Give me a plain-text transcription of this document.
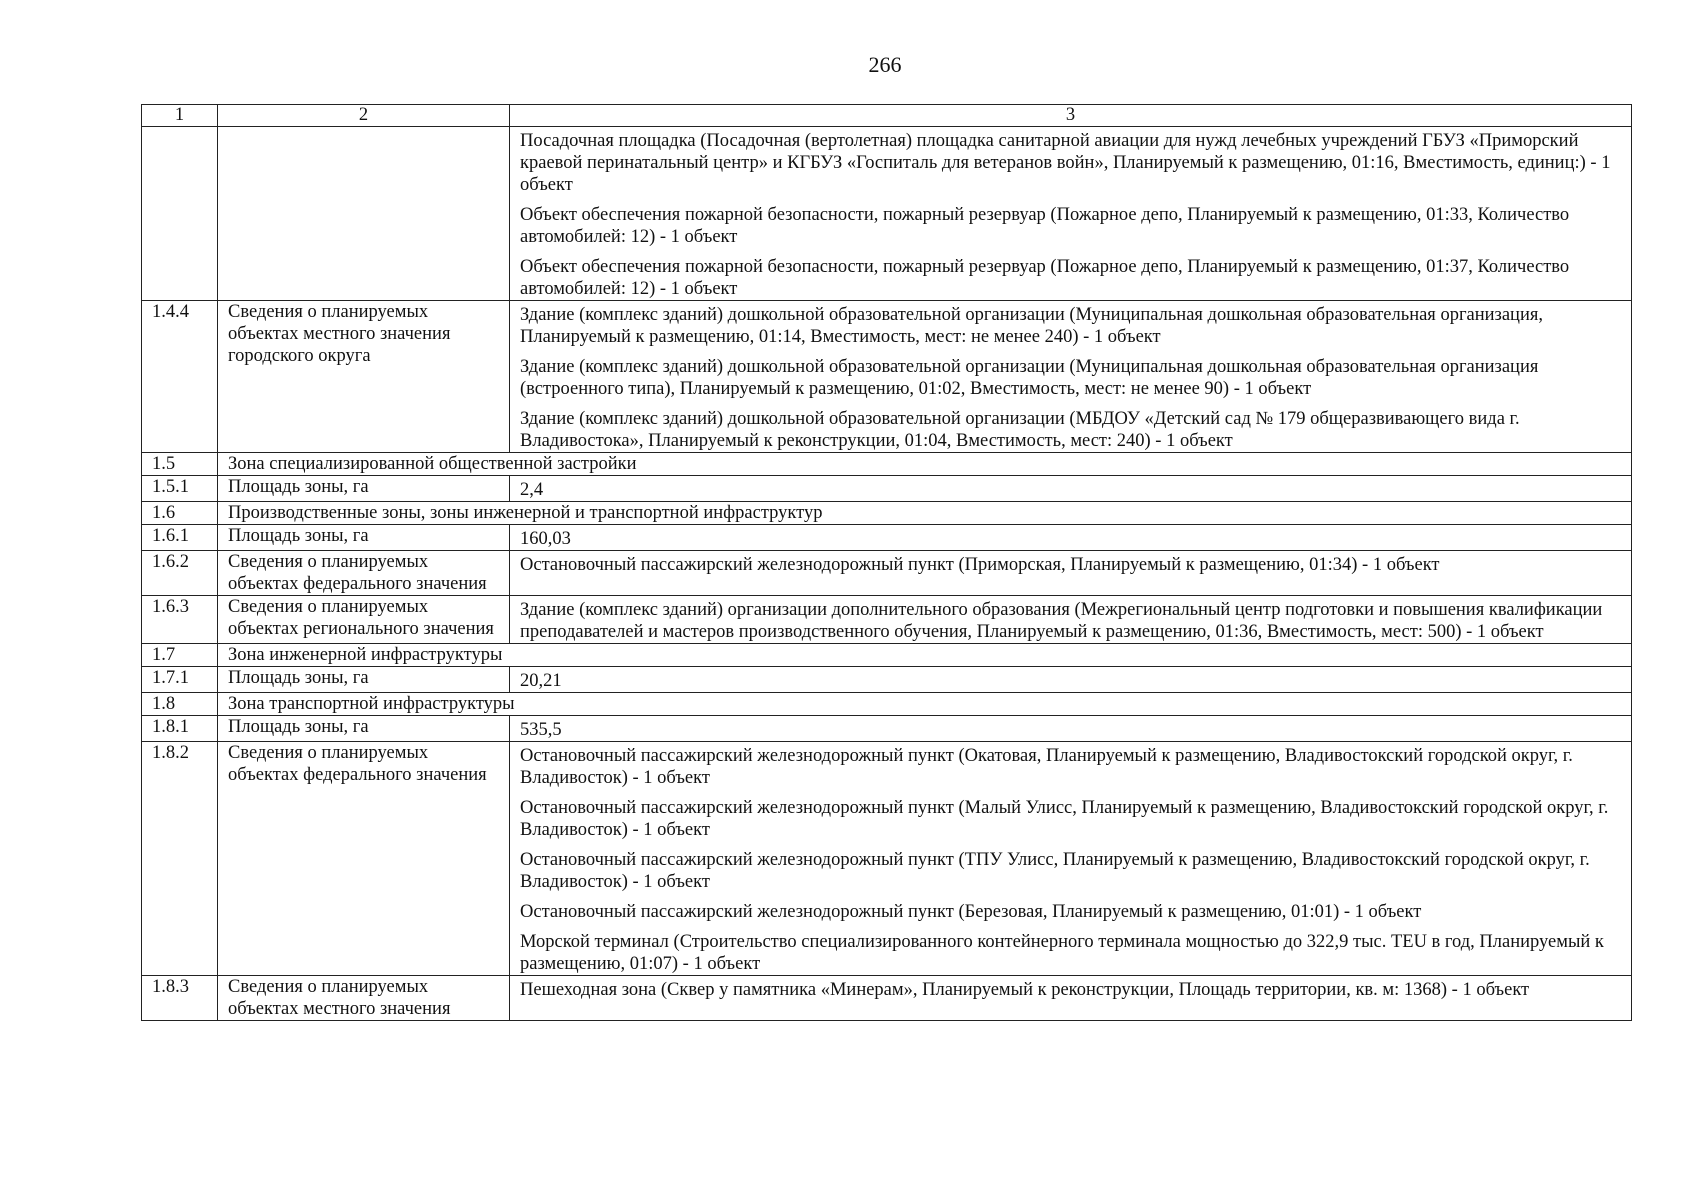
266
1	2	3

		Посадочная площадка (Посадочная (вертолетная) площадка санитарной авиации для нужд лечебных учреждений ГБУЗ «Приморский краевой перинатальный центр» и КГБУЗ «Госпиталь для ветеранов войн», Планируемый к размещению, 01:16, Вместимость, единиц:) - 1 объект
Объект обеспечения пожарной безопасности, пожарный резервуар (Пожарное депо, Планируемый к размещению, 01:33, Количество автомобилей: 12) - 1 объект
Объект обеспечения пожарной безопасности, пожарный резервуар (Пожарное депо, Планируемый к размещению, 01:37, Количество автомобилей: 12) - 1 объект

1.4.4	Сведения о планируемых объектах местного значения городского округа	Здание (комплекс зданий) дошкольной образовательной организации (Муниципальная дошкольная образовательная организация, Планируемый к размещению, 01:14, Вместимость, мест: не менее 240) - 1 объект
Здание (комплекс зданий) дошкольной образовательной организации (Муниципальная дошкольная образовательная организация (встроенного типа), Планируемый к размещению, 01:02, Вместимость, мест: не менее 90) - 1 объект
Здание (комплекс зданий) дошкольной образовательной организации (МБДОУ «Детский сад № 179 общеразвивающего вида г. Владивостока», Планируемый к реконструкции, 01:04, Вместимость, мест: 240) - 1 объект

1.5	Зона специализированной общественной застройки	
1.5.1	Площадь зоны, га	2,4

1.6	Производственные зоны, зоны инженерной и транспортной инфраструктур	
1.6.1	Площадь зоны, га	160,03

1.6.2	Сведения о планируемых объектах федерального значения	Остановочный пассажирский железнодорожный пункт (Приморская, Планируемый к размещению, 01:34) - 1 объект

1.6.3	Сведения о планируемых объектах регионального значения	Здание (комплекс зданий) организации дополнительного образования (Межрегиональный центр подготовки и повышения квалификации преподавателей и мастеров производственного обучения, Планируемый к размещению, 01:36, Вместимость, мест: 500) - 1 объект

1.7	Зона инженерной инфраструктуры	
1.7.1	Площадь зоны, га	20,21

1.8	Зона транспортной инфраструктуры	
1.8.1	Площадь зоны, га	535,5

1.8.2	Сведения о планируемых объектах федерального значения	Остановочный пассажирский железнодорожный пункт (Окатовая, Планируемый к размещению, Владивостокский городской округ, г. Владивосток) - 1 объект
Остановочный пассажирский железнодорожный пункт (Малый Улисс, Планируемый к размещению, Владивостокский городской округ, г. Владивосток) - 1 объект
Остановочный пассажирский железнодорожный пункт (ТПУ Улисс, Планируемый к размещению, Владивостокский городской округ, г. Владивосток) - 1 объект
Остановочный пассажирский железнодорожный пункт (Березовая, Планируемый к размещению, 01:01) - 1 объект
Морской терминал (Строительство специализированного контейнерного терминала мощностью до 322,9 тыс. TEU в год, Планируемый к размещению, 01:07) - 1 объект

1.8.3	Сведения о планируемых объектах местного значения	Пешеходная зона (Сквер у памятника «Минерам», Планируемый к реконструкции, Площадь территории, кв. м: 1368) - 1 объект
